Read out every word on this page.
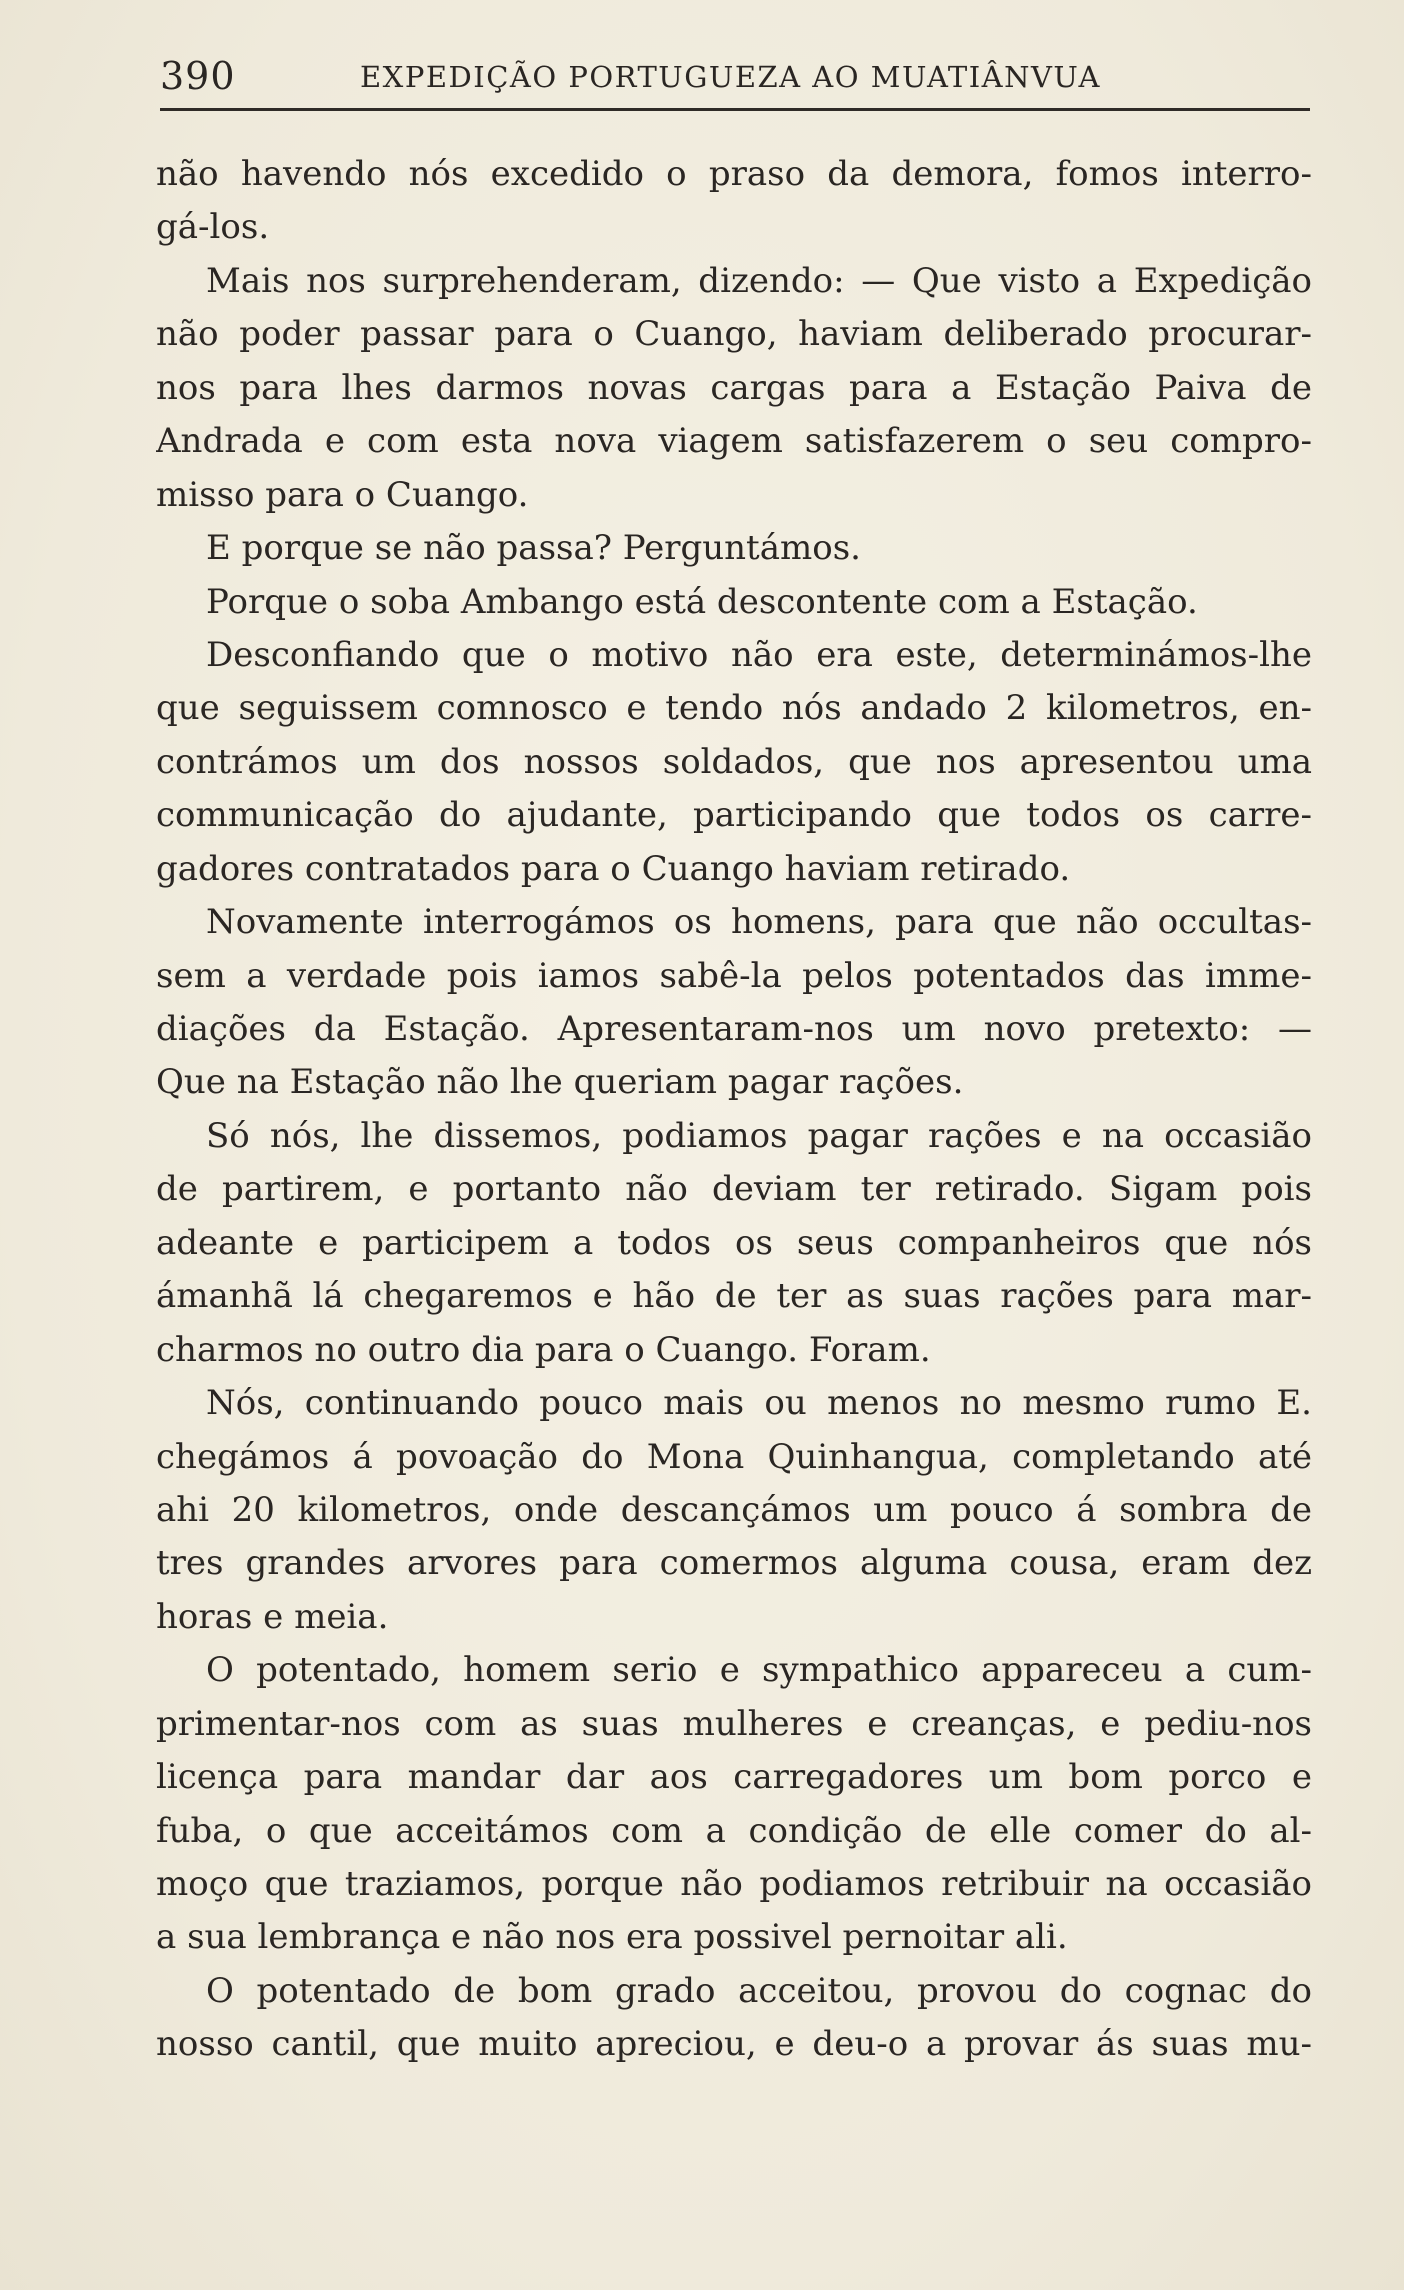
390	EXPEDIÇÃO PORTUGUEZA AO MUATIÂNVUA
não havendo nós excedido o praso da demora, fomos interro-
gá-los.
Mais nos surprehenderam, dizendo: — Que visto a Expedição
não poder passar para o Cuango, haviam deliberado procurar-
nos para lhes darmos novas cargas para a Estação Paiva de
Andrada e com esta nova viagem satisfazerem o seu compro-
misso para o Cuango.
E porque se não passa? Perguntámos.
Porque o soba Ambango está descontente com a Estação.
Desconfiando que o motivo não era este, determinámos-lhe
que seguissem comnosco e tendo nós andado 2 kilometros, en-
contrámos um dos nossos soldados, que nos apresentou uma
communicação do ajudante, participando que todos os carre-
gadores contratados para o Cuango haviam retirado.
Novamente interrogámos os homens, para que não occultas-
sem a verdade pois iamos sabê-la pelos potentados das imme-
diações da Estação. Apresentaram-nos um novo pretexto: —
Que na Estação não lhe queriam pagar rações.
Só nós, lhe dissemos, podiamos pagar rações e na occasião
de partirem, e portanto não deviam ter retirado. Sigam pois
adeante e participem a todos os seus companheiros que nós
ámanhã lá chegaremos e hão de ter as suas rações para mar-
charmos no outro dia para o Cuango. Foram.
Nós, continuando pouco mais ou menos no mesmo rumo E.
chegámos á povoação do Mona Quinhangua, completando até
ahi 20 kilometros, onde descançámos um pouco á sombra de
tres grandes arvores para comermos alguma cousa, eram dez
horas e meia.
O potentado, homem serio e sympathico appareceu a cum-
primentar-nos com as suas mulheres e creanças, e pediu-nos
licença para mandar dar aos carregadores um bom porco e
fuba, o que acceitámos com a condição de elle comer do al-
moço que traziamos, porque não podiamos retribuir na occasião
a sua lembrança e não nos era possivel pernoitar ali.
O potentado de bom grado acceitou, provou do cognac do
nosso cantil, que muito apreciou, e deu-o a provar ás suas mu-
